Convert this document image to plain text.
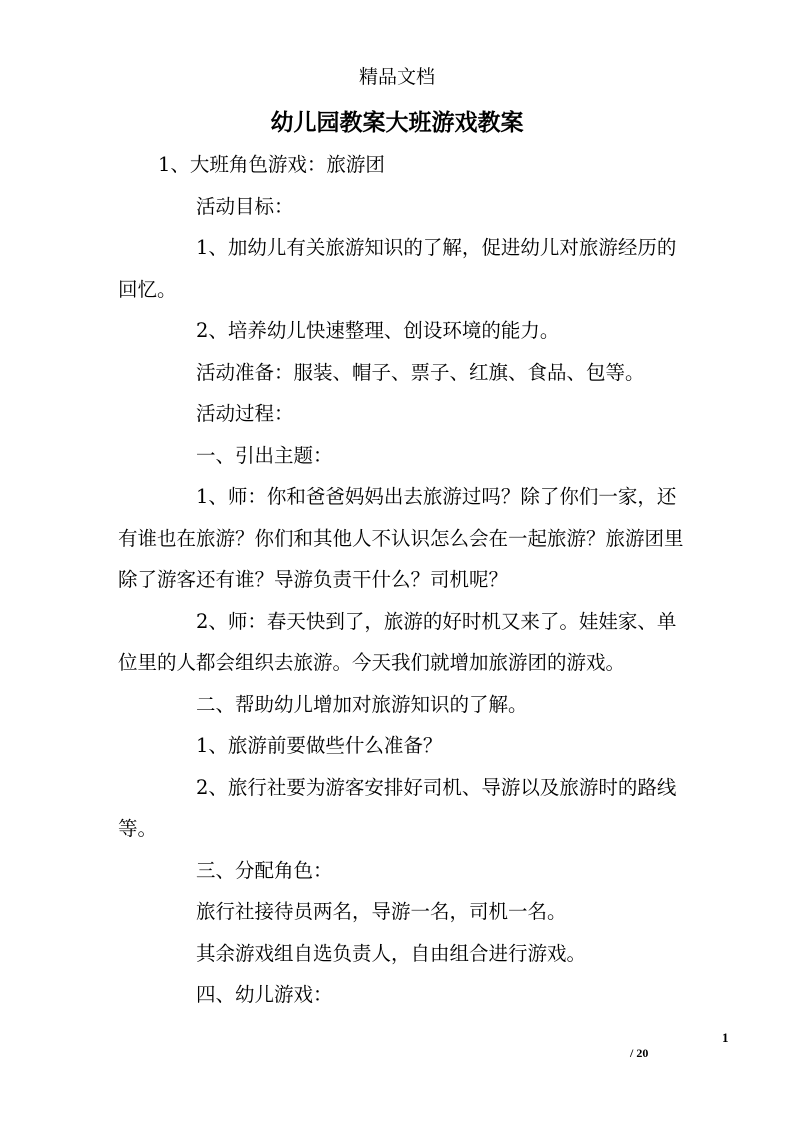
精品文档
幼儿园教案大班游戏教案

1、大班角色游戏：旅游团

活动目标：

1、加幼儿有关旅游知识的了解，促进幼儿对旅游经历的回忆。

2、培养幼儿快速整理、创设环境的能力。

活动准备：服装、帽子、票子、红旗、食品、包等。

活动过程：

一、引出主题：

1、师：你和爸爸妈妈出去旅游过吗？除了你们一家，还有谁也在旅游？你们和其他人不认识怎么会在一起旅游？旅游团里除了游客还有谁？导游负责干什么？司机呢？

2、师：春天快到了，旅游的好时机又来了。娃娃家、单位里的人都会组织去旅游。今天我们就增加旅游团的游戏。

二、帮助幼儿增加对旅游知识的了解。

1、旅游前要做些什么准备？

2、旅行社要为游客安排好司机、导游以及旅游时的路线等。

三、分配角色：

旅行社接待员两名，导游一名，司机一名。

其余游戏组自选负责人，自由组合进行游戏。

四、幼儿游戏：

1
/ 20
